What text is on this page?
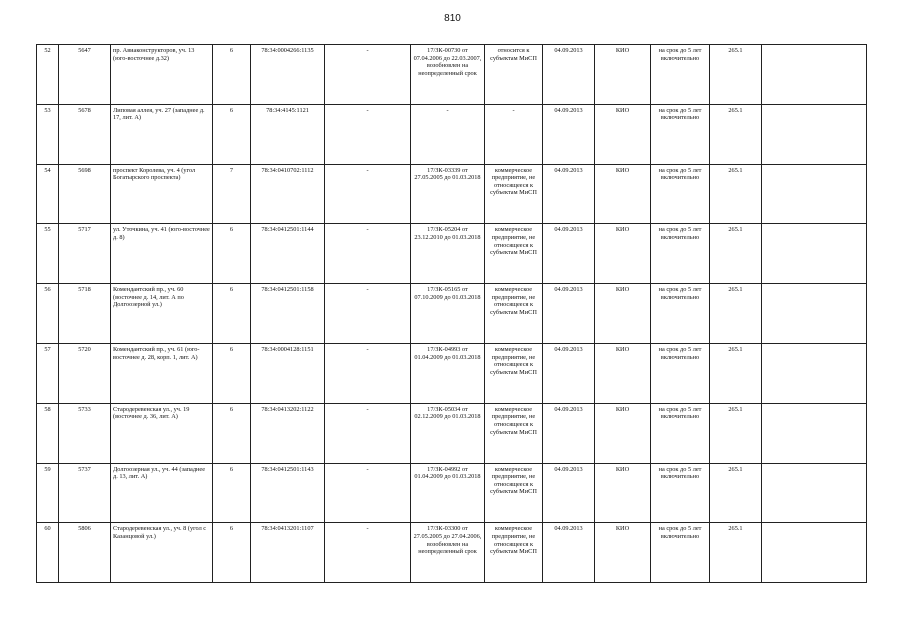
810
52	5647	пр. Авиаконструкторов, уч. 13 (юго-восточнее д.32)	6	78:34:0004266:1135	-	17/ЗК-00730 от 07.04.2006 до 22.03.2007, возобновлен на неопределенный срок	относится к субъектам МиСП	04.09.2013	КИО	на срок до 5 лет включительно	265.1	
53	5678	Липовая аллея, уч. 27 (западнее д. 17, лит. А)	6	78:34:4145:1121	-	-	-	04.09.2013	КИО	на срок до 5 лет включительно	265.1	
54	5698	проспект Королева, уч. 4 (угол Богатырского проспекта)	7	78:34:0410702:1112	-	17/ЗК-03339 от 27.05.2005 до 01.03.2018	коммерческое предприятие, не относящееся к субъектам МиСП	04.09.2013	КИО	на срок до 5 лет включительно	265.1	
55	5717	ул. Уточкина, уч. 41 (юго-восточнее д. 8)	6	78:34:0412501:1144	-	17/ЗК-05204 от 23.12.2010 до 01.03.2018	коммерческое предприятие, не относящееся к субъектам МиСП	04.09.2013	КИО	на срок до 5 лет включительно	265.1	
56	5718	Комендантский пр., уч. 60 (восточнее д. 14, лит. А по Долгоозерной ул.)	6	78:34:0412501:1158	-	17/ЗК-05165 от 07.10.2009 до 01.03.2018	коммерческое предприятие, не относящееся к субъектам МиСП	04.09.2013	КИО	на срок до 5 лет включительно	265.1	
57	5720	Комендантский пр., уч. 61 (юго-восточнее д. 28, корп. 1, лит. А)	6	78:34:0004128:1151	-	17/ЗК-04993 от 01.04.2009 до 01.03.2018	коммерческое предприятие, не относящееся к субъектам МиСП	04.09.2013	КИО	на срок до 5 лет включительно	265.1	
58	5733	Стародеревенская ул., уч. 19 (восточнее д. 36, лит. А)	6	78:34:0413202:1122	-	17/ЗК-05034 от 02.12.2009 до 01.03.2018	коммерческое предприятие, не относящееся к субъектам МиСП	04.09.2013	КИО	на срок до 5 лет включительно	265.1	
59	5737	Долгоозерная ул., уч. 44 (западнее д. 13, лит. А)	6	78:34:0412501:1143	-	17/ЗК-04992 от 01.04.2009 до 01.03.2018	коммерческое предприятие, не относящееся к субъектам МиСП	04.09.2013	КИО	на срок до 5 лет включительно	265.1	
60	5806	Стародеревенская ул., уч. 8 (угол с Казанцовой ул.)	6	78:34:0413201:1107	-	17/ЗК-03300 от 27.05.2005 до 27.04.2006, возобновлен на неопределенный срок	коммерческое предприятие, не относящееся к субъектам МиСП	04.09.2013	КИО	на срок до 5 лет включительно	265.1	
